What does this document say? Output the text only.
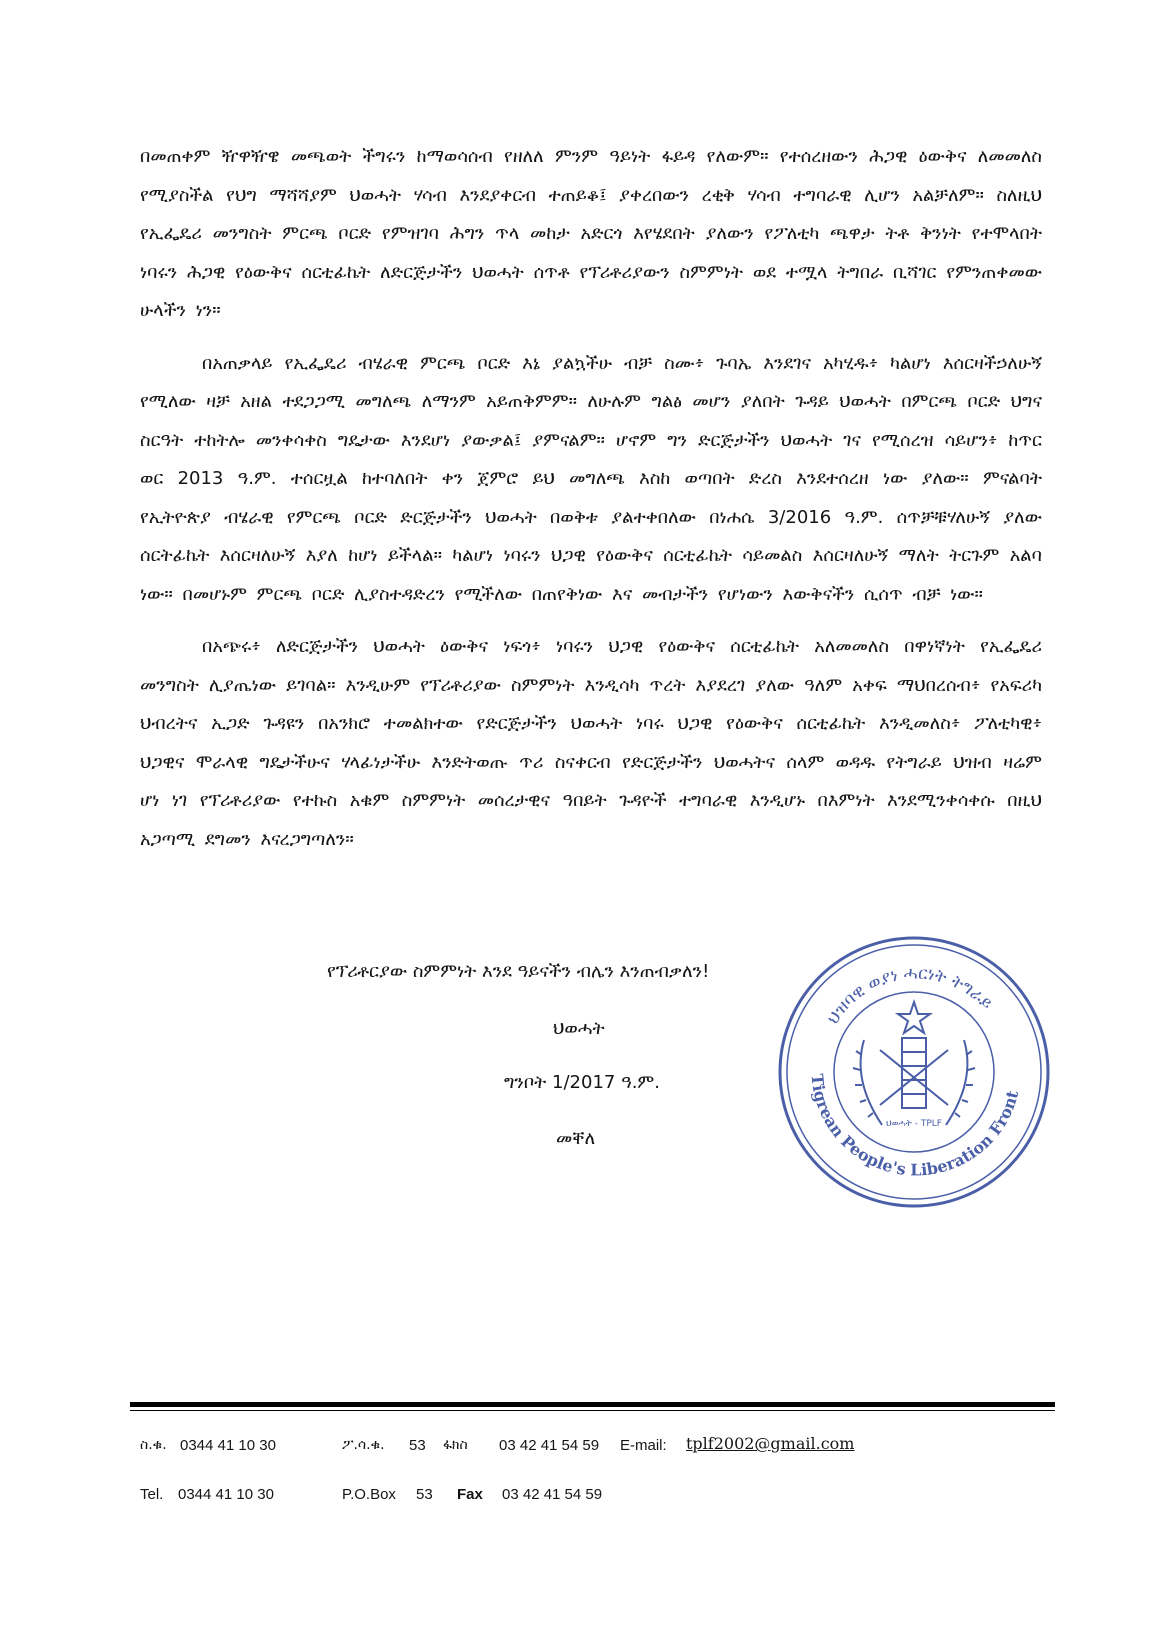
በመጠቀም ዥዋዥዌ መጫወት ችግሩን ከማወሳሰብ የዘለለ ምንም ዓይነት ፋይዳ የለውም። የተሰረዘውን ሕጋዊ ዕውቅና ለመመለስ የሚያስችል የህግ ማሻሻያም ህወሓት ሃሳብ እንደያቀርብ ተጠይቆ፤ ያቀረበውን ረቂቅ ሃሳብ ተግባራዊ ሊሆን አልቻለም። ስለዚህ የኢፌዴሪ መንግስት ምርጫ ቦርድ የምዝገባ ሕግን ጥላ መከታ አድርጎ እየሄደበት ያለውን የፖለቲካ ጫዋታ ትቶ ቅንነት የተሞላበት ነባሩን ሕጋዊ የዕውቅና ሰርቲፊኬት ለድርጅታችን ህወሓት ሰጥቶ የፕሪቶሪያውን ስምምነት ወደ ተሟላ ትግበራ ቢሻገር የምንጠቀመው ሁላችን ነን።

በአጠቃላይ የኢፌዴሪ ብሄራዊ ምርጫ ቦርድ እኔ ያልኳችሁ ብቻ ስሙ፥ ጉባኤ እንደገና አካሂዱ፥ ካልሆነ እሰርዛችኃለሁኝ የሚለው ዛቻ አዘል ተደጋጋሚ መግለጫ ለማንም አይጠቅምም። ለሁሉም ግልፅ መሆን ያለበት ጉዳይ ህወሓት በምርጫ ቦርድ ህግና ስርዓት ተከትሎ መንቀሳቀስ ግዴታው እንደሆነ ያውቃል፤ ያምናልም። ሆኖም ግን ድርጅታችን ህወሓት ገና የሚሰረዝ ሳይሆን፥ ከጥር ወር 2013 ዓ.ም. ተሰርዟል ከተባለበት ቀን ጀምሮ ይህ መግለጫ እስከ ወጣበት ድረስ እንደተሰረዘ ነው ያለው። ምናልባት የኢትዮጵያ ብሄራዊ የምርጫ ቦርድ ድርጅታችን ህወሓት በወቅቱ ያልተቀበለው በነሐሴ 3/2016 ዓ.ም. ሰጥቻቹሃለሁኝ ያለው ሰርትፊኬት እሰርዛለሁኝ እያለ ከሆነ ይችላል። ካልሆነ ነባሩን ህጋዊ የዕውቅና ሰርቲፊኬት ሳይመልስ እሰርዛለሁኝ ማለት ትርጉም አልባ ነው። በመሆኑም ምርጫ ቦርድ ሊያስተዳድረን የሚችለው በጠየቅነው እና መብታችን የሆነውን እውቅናችን ሲሰጥ ብቻ ነው።

በአጭሩ፥ ለድርጅታችን ህወሓት ዕውቅና ነፍጎ፥ ነባሩን ህጋዊ የዕውቅና ሰርቲፊኬት አለመመለስ በዋነኛነት የኢፌዴሪ መንግስት ሊያጤነው ይገባል። እንዲሁም የፕሪቶሪያው ስምምነት እንዲሳካ ጥረት እያደረገ ያለው ዓለም አቀፍ ማህበረሰብ፥ የአፍሪካ ህብረትና ኢጋድ ጉዳዩን በአንክሮ ተመልክተው የድርጅታችን ህወሓት ነባሩ ህጋዊ የዕውቅና ሰርቲፊኬት እንዲመለስ፥ ፖለቲካዊ፥ ህጋዊና ሞራላዊ ግዴታችሁና ሃላፊነታችሁ እንድትወጡ ጥሪ ስናቀርብ የድርጅታችን ህወሓትና ሰላም ወዳዱ የትግራይ ህዝብ ዛሬም ሆነ ነገ የፕሪቶሪያው የተኩስ አቁም ስምምነት መሰረታዊና ዓበይት ጉዳዮች ተግባራዊ እንዲሆኑ በእምነት እንደሚንቀሳቀሱ በዚህ አጋጣሚ ደግመን እናረጋግጣለን።

የፕሪቶርያው ስምምነት እንደ ዓይናችን ብሌን እንጠብቃለን!
ህወሓት
ግንቦት 1/2017 ዓ.ም.
መቐለ
ህዝባዊ ወያነ ሓርነት ትግራይ
Tigrean People's Liberation Front
ህወሓት - TPLF
ስ.ቁ. 0344 41 10 30	ፖ.ሳ.ቁ. 53 ፋክስ 03 42 41 54 59 E-mail: tplf2002@gmail.com
Tel. 0344 41 10 30	P.O.Box 53 Fax 03 42 41 54 59
